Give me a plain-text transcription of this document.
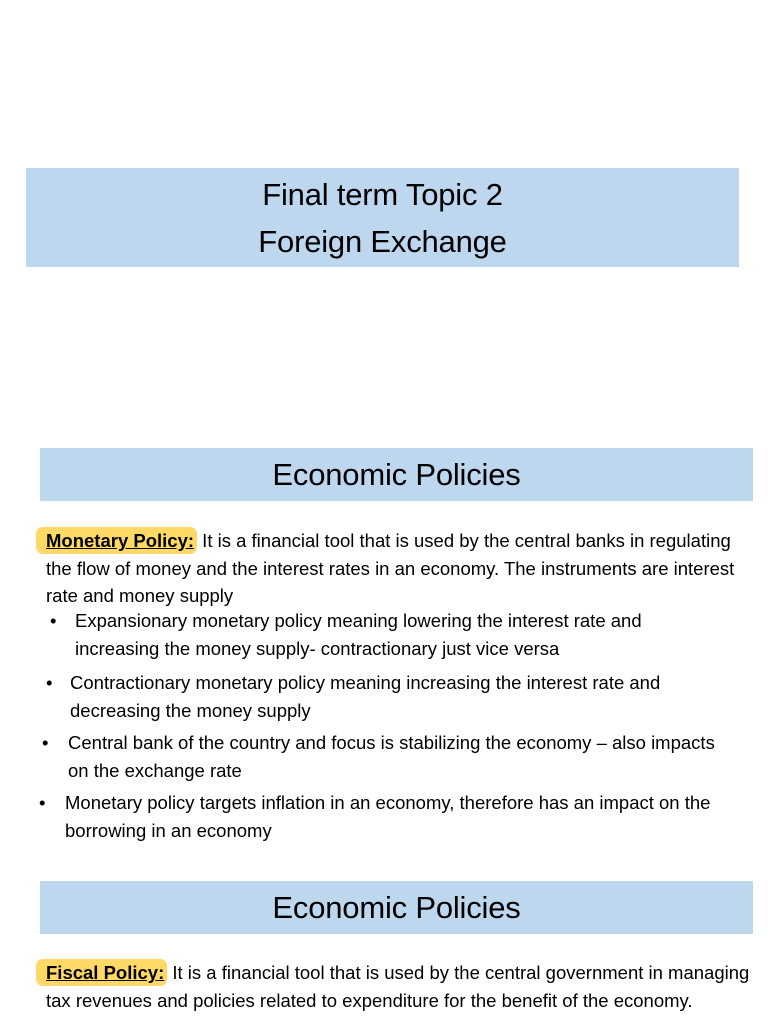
Final term Topic 2
Foreign Exchange
Economic Policies
Monetary Policy: It is a financial tool that is used by the central banks in regulating the flow of money and the interest rates in an economy. The instruments are interest rate and money supply
•	Expansionary monetary policy meaning lowering the interest rate and increasing the money supply- contractionary just vice versa
• Contractionary monetary policy meaning increasing the interest rate and decreasing the money supply
•	Central bank of the country and focus is stabilizing the economy – also impacts on the exchange rate
•	Monetary policy targets inflation in an economy, therefore has an impact on the borrowing in an economy
Economic Policies
Fiscal Policy: It is a financial tool that is used by the central government in managing tax revenues and policies related to expenditure for the benefit of the economy.
